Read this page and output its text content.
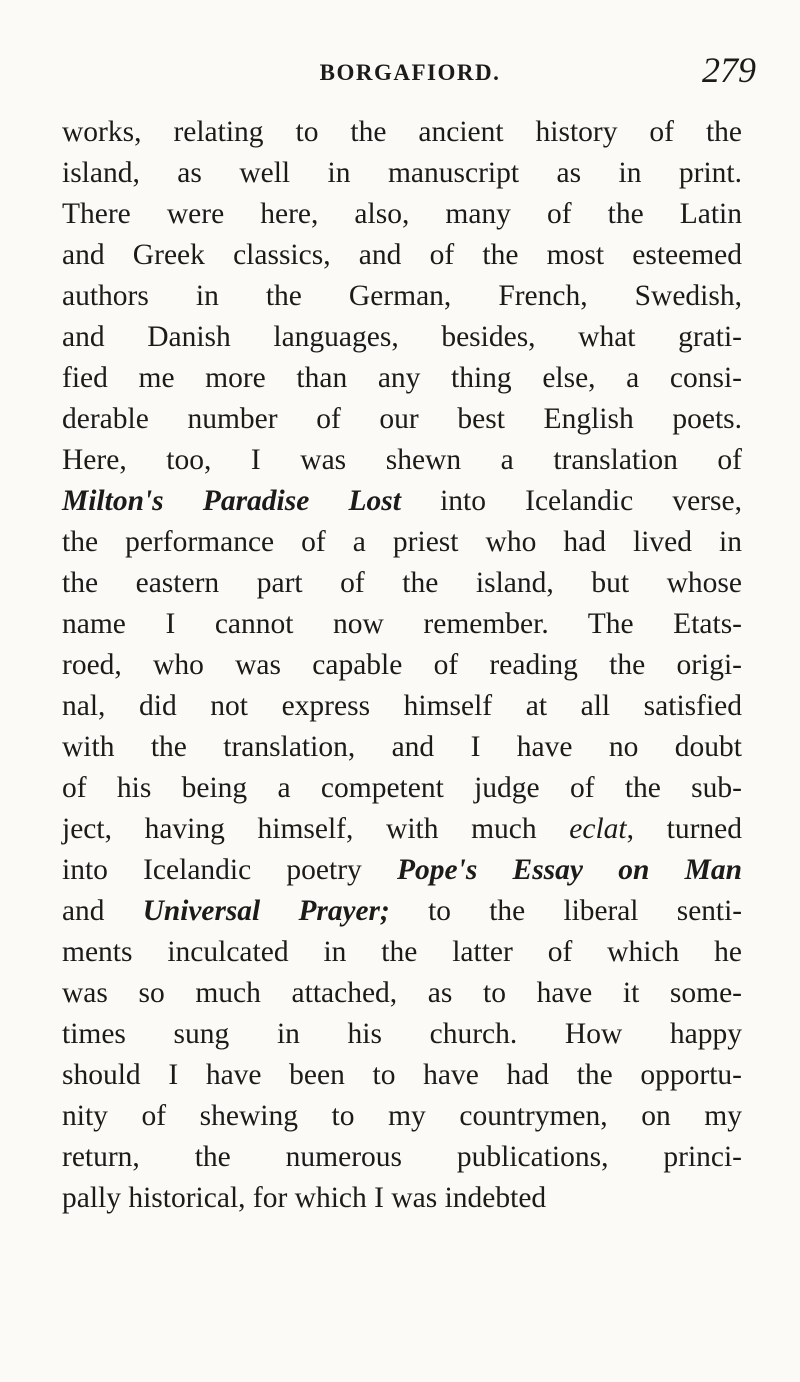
BORGAFIORD.	279
works, relating to the ancient history of the
island, as well in manuscript as in print.
There were here, also, many of the Latin
and Greek classics, and of the most esteemed
authors in the German, French, Swedish,
and Danish languages, besides, what grati-
fied me more than any thing else, a consi-
derable number of our best English poets.
Here, too, I was shewn a translation of
Milton's Paradise Lost into Icelandic verse,
the performance of a priest who had lived in
the eastern part of the island, but whose
name I cannot now remember. The Etats-
roed, who was capable of reading the origi-
nal, did not express himself at all satisfied
with the translation, and I have no doubt
of his being a competent judge of the sub-
ject, having himself, with much eclat, turned
into Icelandic poetry Pope's Essay on Man
and Universal Prayer; to the liberal senti-
ments inculcated in the latter of which he
was so much attached, as to have it some-
times sung in his church. How happy
should I have been to have had the opportu-
nity of shewing to my countrymen, on my
return, the numerous publications, princi-
pally historical, for which I was indebted
